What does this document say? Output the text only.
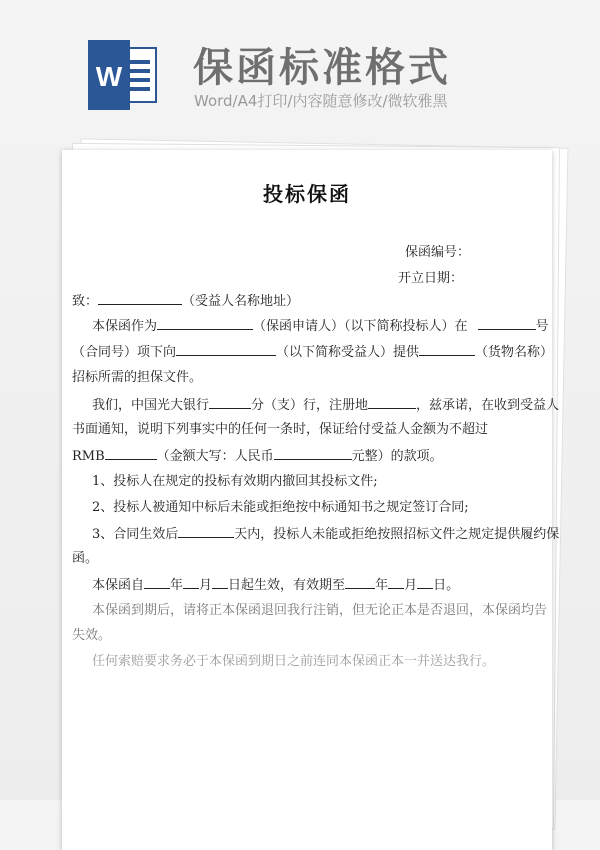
W 保函标准格式
Word/A4打印/内容随意修改/微软雅黑
投标保函
保函编号：
开立日期：
致：	（受益人名称地址）
本保函作为	（保函申请人）（以下简称投标人）在	号
（合同号）项下向	（以下简称受益人）提供	（货物名称）
招标所需的担保文件。
我们，中国光大银行	分（支）行，注册地	，兹承诺，在收到受益人
书面通知，说明下列事实中的任何一条时，保证给付受益人金额为不超过
RMB	（金额大写：人民币	元整）的款项。
1、投标人在规定的投标有效期内撤回其投标文件;
2、投标人被通知中标后未能或拒绝按中标通知书之规定签订合同;
3、合同生效后	天内，投标人未能或拒绝按照招标文件之规定提供履约保
函。
本保函自 年 月 日起生效，有效期至 年 月 日。
本保函到期后，请将正本保函退回我行注销，但无论正本是否退回，本保函均告
失效。
任何索赔要求务必于本保函到期日之前连同本保函正本一并送达我行。
